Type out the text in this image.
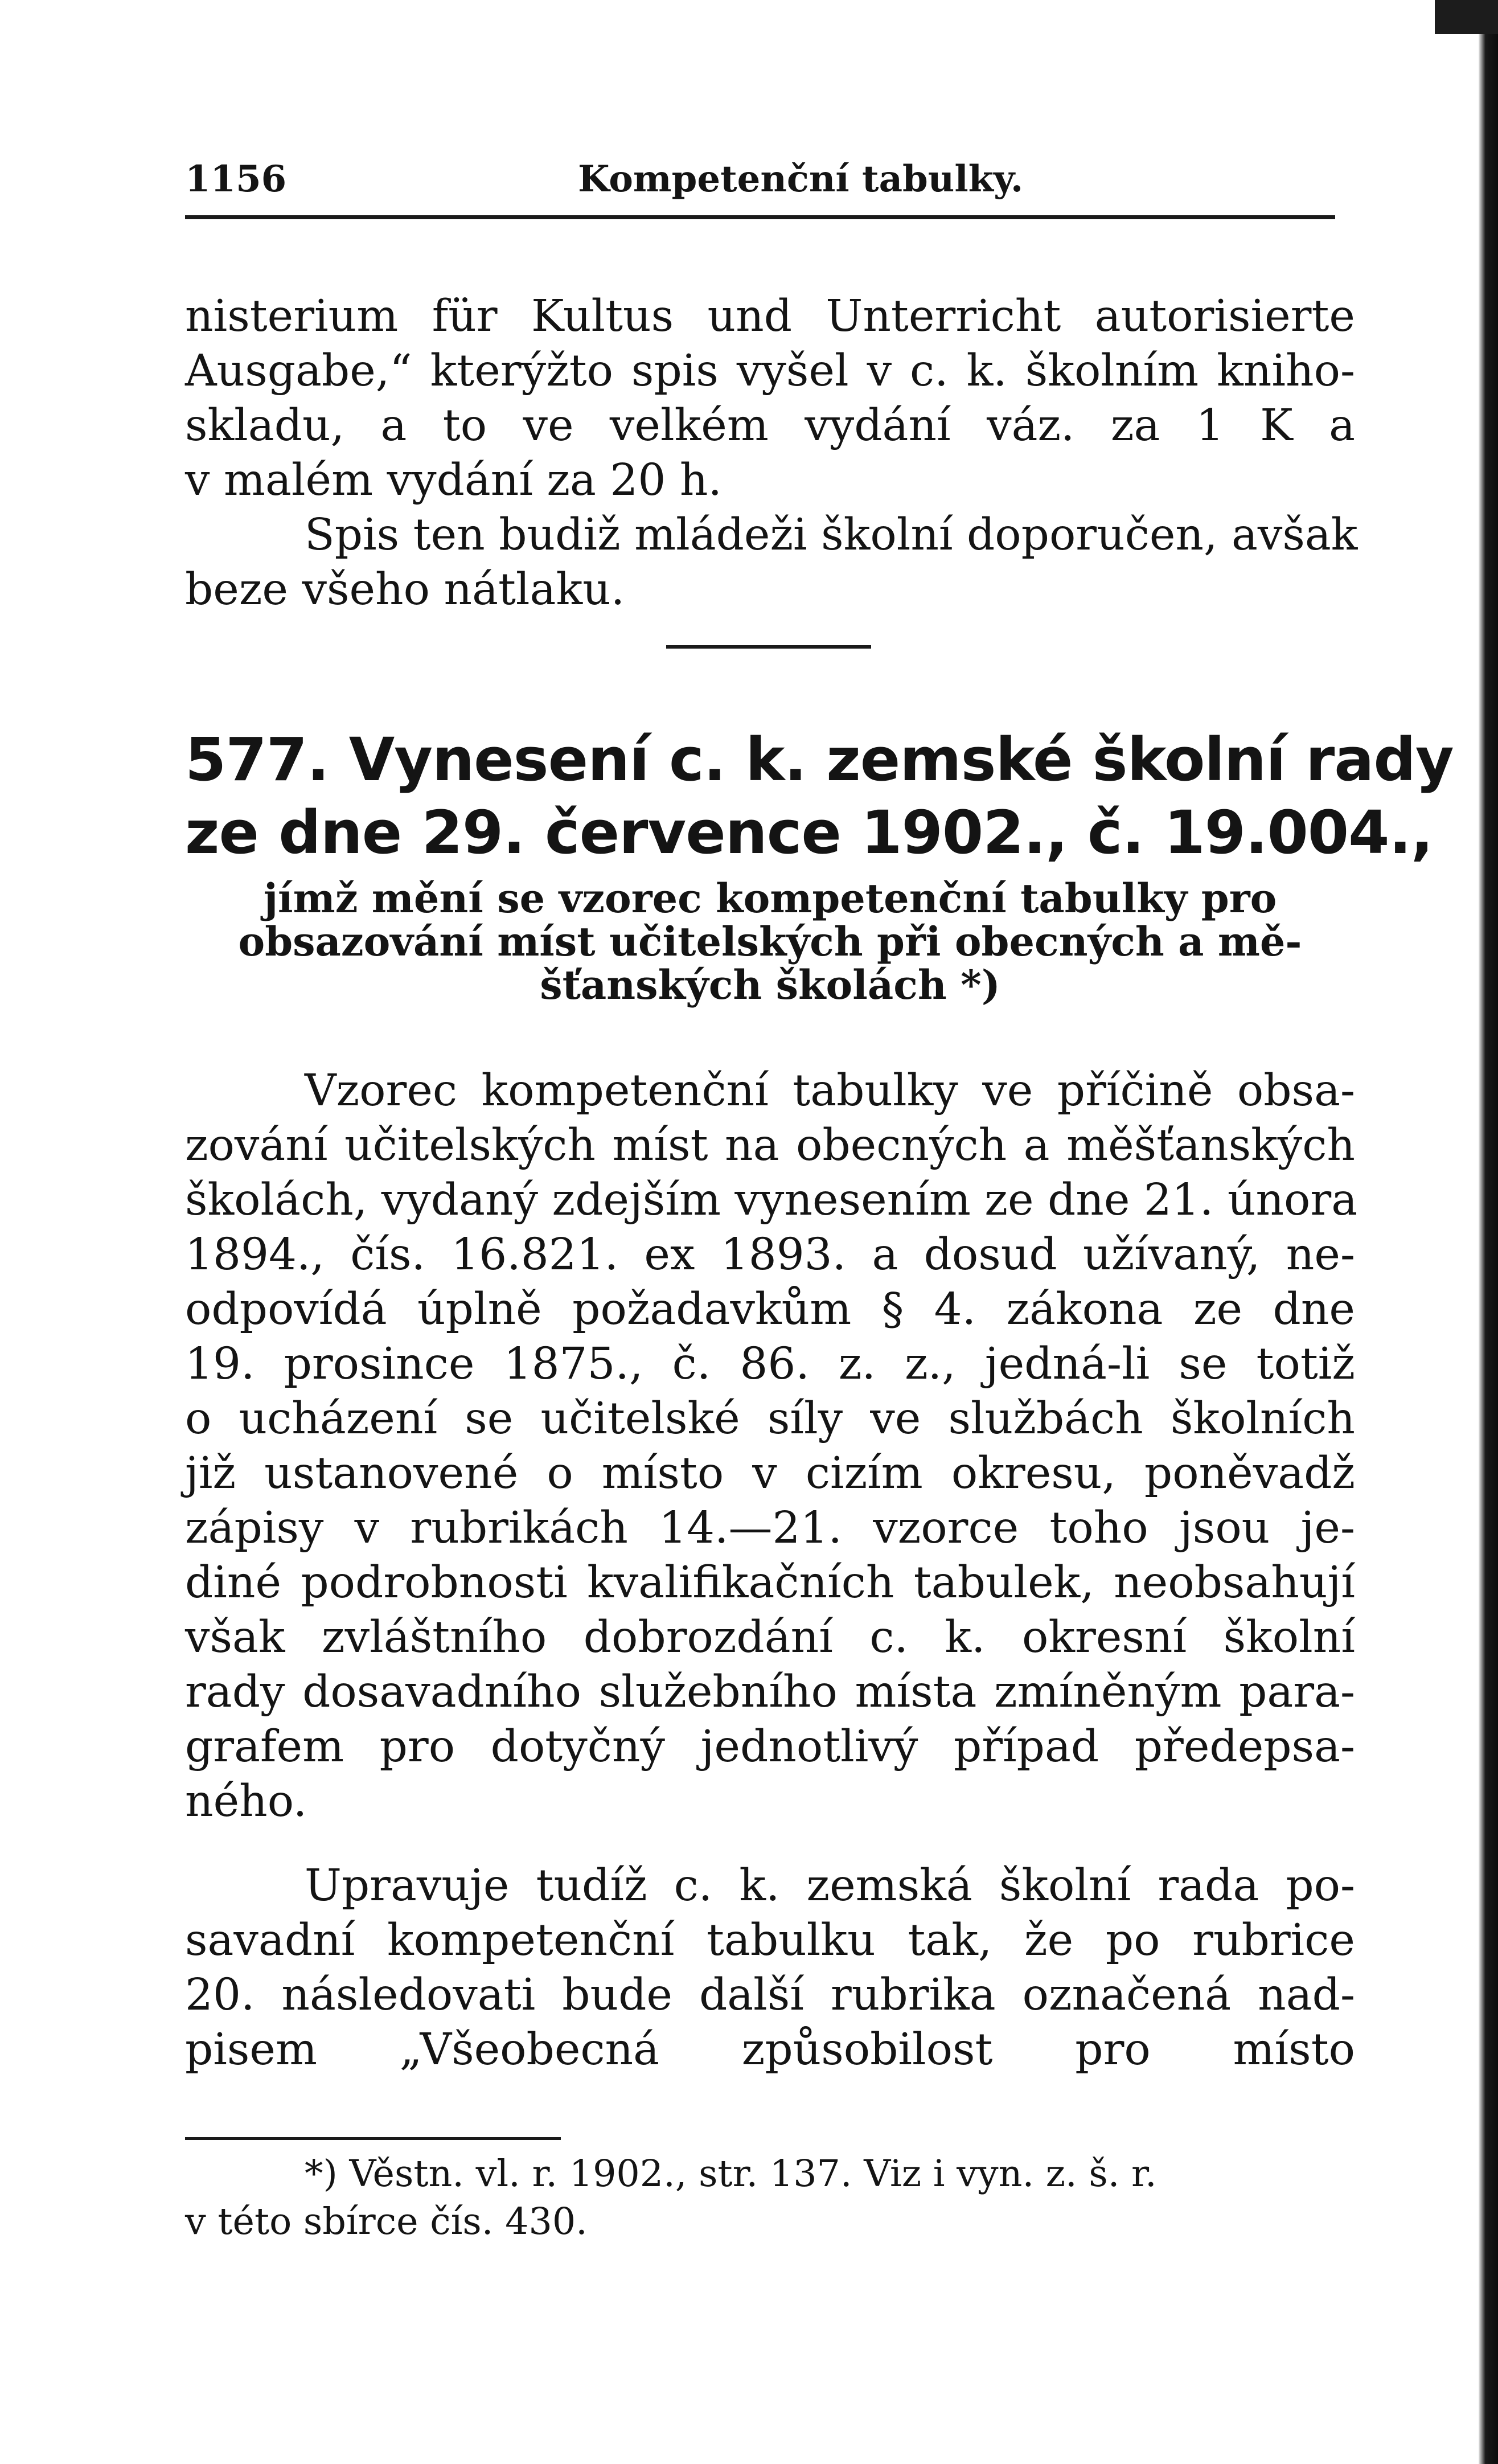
1156	Kompetenční tabulky.

nisterium für Kultus und Unterricht autorisierte
Ausgabe,“ kterýžto spis vyšel v c. k. školním kniho-
skladu, a to ve velkém vydání váz. za 1 K a
v malém vydání za 20 h.

Spis ten budiž mládeži školní doporučen, avšak
beze všeho nátlaku.

577. Vynesení c. k. zemské školní rady
ze dne 29. července 1902., č. 19.004.,
jímž mění se vzorec kompetenční tabulky pro
obsazování míst učitelských při obecných a mě-
šťanských školách *)

Vzorec kompetenční tabulky ve příčině obsa-
zování učitelských míst na obecných a měšťanských
školách, vydaný zdejším vynesením ze dne 21. února
1894., čís. 16.821. ex 1893. a dosud užívaný, ne-
odpovídá úplně požadavkům § 4. zákona ze dne
19. prosince 1875., č. 86. z. z., jedná-li se totiž
o ucházení se učitelské síly ve službách školních
již ustanovené o místo v cizím okresu, poněvadž
zápisy v rubrikách 14.—21. vzorce toho jsou je-
diné podrobnosti kvalifikačních tabulek, neobsahují
však zvláštního dobrozdání c. k. okresní školní
rady dosavadního služebního místa zmíněným para-
grafem pro dotyčný jednotlivý případ předepsa-
ného.

Upravuje tudíž c. k. zemská školní rada po-
savadní kompetenční tabulku tak, že po rubrice
20. následovati bude další rubrika označená nad-
pisem „Všeobecná způsobilost pro místo

*) Věstn. vl. r. 1902., str. 137. Viz i vyn. z. š. r.
v této sbírce čís. 430.
